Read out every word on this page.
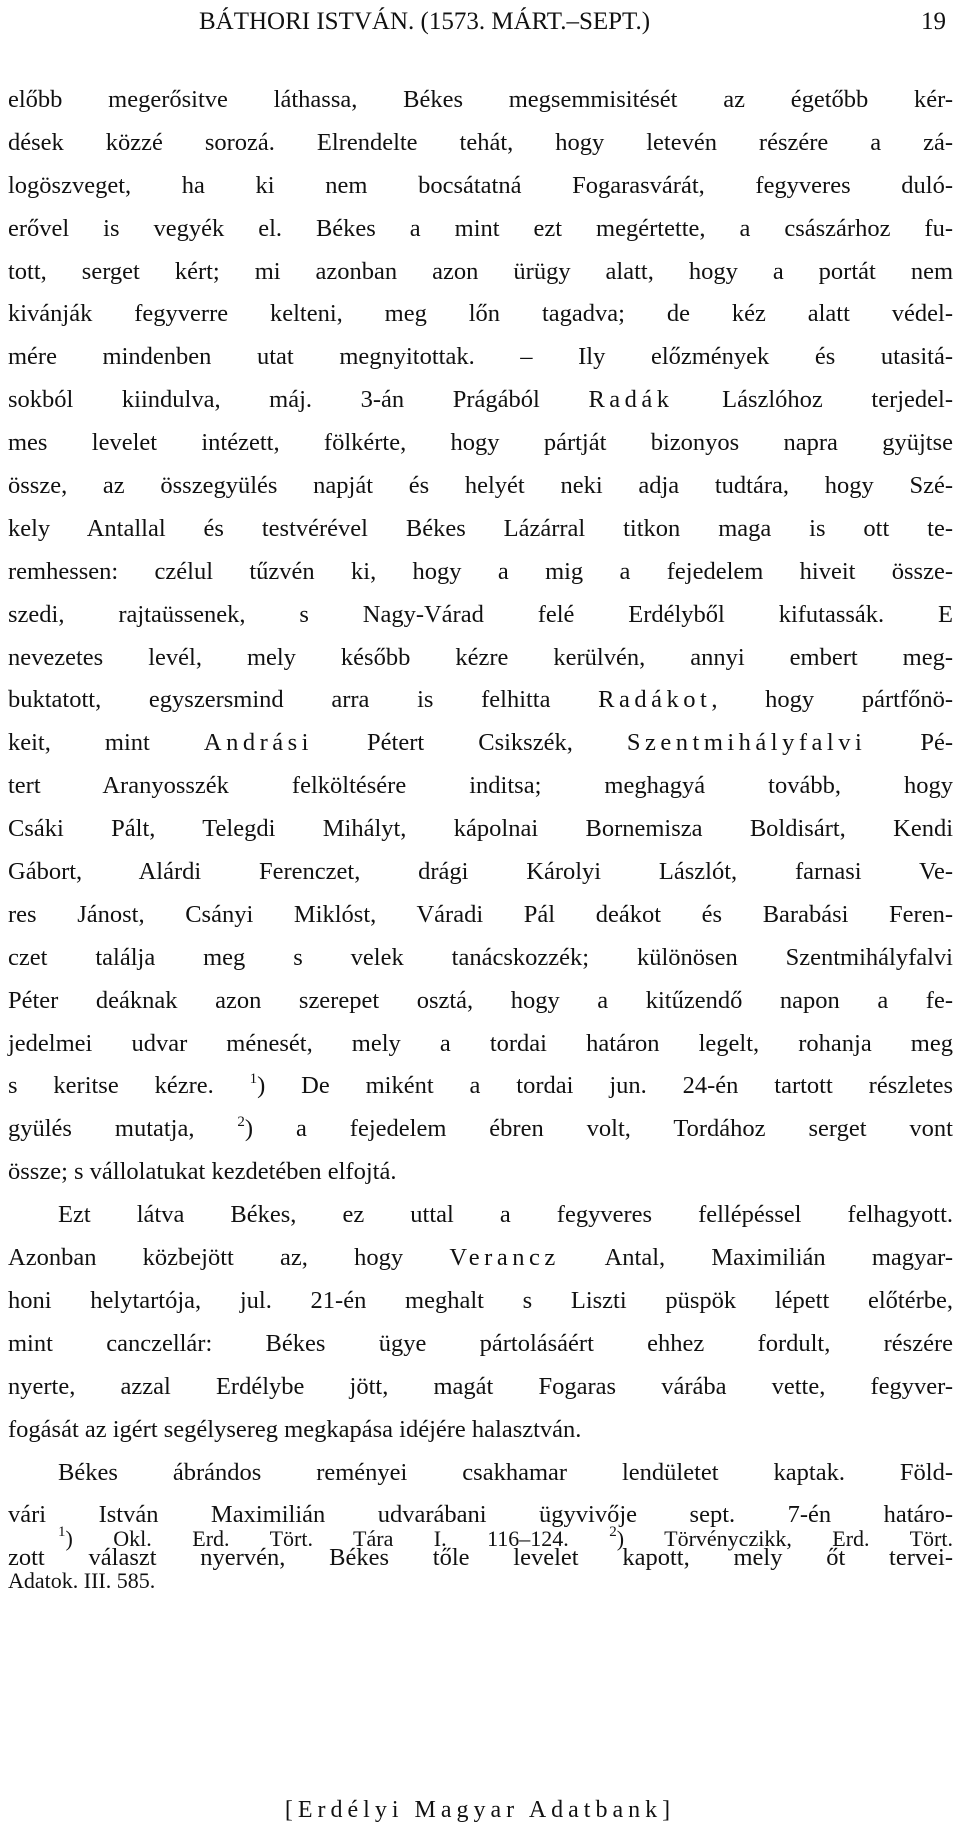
BÁTHORI ISTVÁN. (1573. MÁRT.–SEPT.)	19
előbb megerősitve láthassa, Békes megsemmisitését az égetőbb kér-
dések közzé sorozá. Elrendelte tehát, hogy letevén részére a zá-
logöszveget, ha ki nem bocsátatná Fogarasvárát, fegyveres duló-
erővel is vegyék el. Békes a mint ezt megértette, a császárhoz fu-
tott, serget kért; mi azonban azon ürügy alatt, hogy a portát nem
kivánják fegyverre kelteni, meg lőn tagadva; de kéz alatt védel-
mére mindenben utat megnyitottak. – Ily előzmények és utasitá-
sokból kiindulva, máj. 3-án Prágából Radák Lászlóhoz terjedel-
mes levelet intézett, fölkérte, hogy pártját bizonyos napra gyüjtse
össze, az összegyülés napját és helyét neki adja tudtára, hogy Szé-
kely Antallal és testvérével Békes Lázárral titkon maga is ott te-
remhessen: czélul tűzvén ki, hogy a mig a fejedelem hiveit össze-
szedi, rajtaüssenek, s Nagy-Várad felé Erdélyből kifutassák. E
nevezetes levél, mely később kézre kerülvén, annyi embert meg-
buktatott, egyszersmind arra is felhitta Radákot, hogy pártfőnö-
keit, mint Andrási Pétert Csikszék, Szentmihályfalvi Pé-
tert Aranyosszék felköltésére inditsa; meghagyá tovább, hogy
Csáki Pált, Telegdi Mihályt, kápolnai Bornemisza Boldisárt, Kendi
Gábort, Alárdi Ferenczet, drági Károlyi Lászlót, farnasi Ve-
res Jánost, Csányi Miklóst, Váradi Pál deákot és Barabási Feren-
czet találja meg s velek tanácskozzék; különösen Szentmihályfalvi
Péter deáknak azon szerepet osztá, hogy a kitűzendő napon a fe-
jedelmei udvar ménesét, mely a tordai határon legelt, rohanja meg
s keritse kézre. $^1$) De miként a tordai jun. 24-én tartott részletes
gyülés mutatja, $^2$) a fejedelem ébren volt, Tordához serget vont
össze; s vállolatukat kezdetében elfojtá.
Ezt látva Békes, ez uttal a fegyveres fellépéssel felhagyott.
Azonban közbejött az, hogy Verancz Antal, Maximilián magyar-
honi helytartója, jul. 21-én meghalt s Liszti püspök lépett előtérbe,
mint canczellár: Békes ügye pártolásáért ehhez fordult, részére
nyerte, azzal Erdélybe jött, magát Fogaras várába vette, fegyver-
fogását az igért segélysereg megkapása idéjére halasztván.
Békes ábrándos reményei csakhamar lendületet kaptak. Föld-
vári István Maximilián udvarábani ügyvivője sept. 7-én határo-
zott választ nyervén, Békes tőle levelet kapott, mely őt tervei-
$^1$) Okl. Erd. Tört. Tára I. 116–124. $^2$) Törvényczikk, Erd. Tört.
Adatok. III. 585.
[Erdélyi Magyar Adatbank]
